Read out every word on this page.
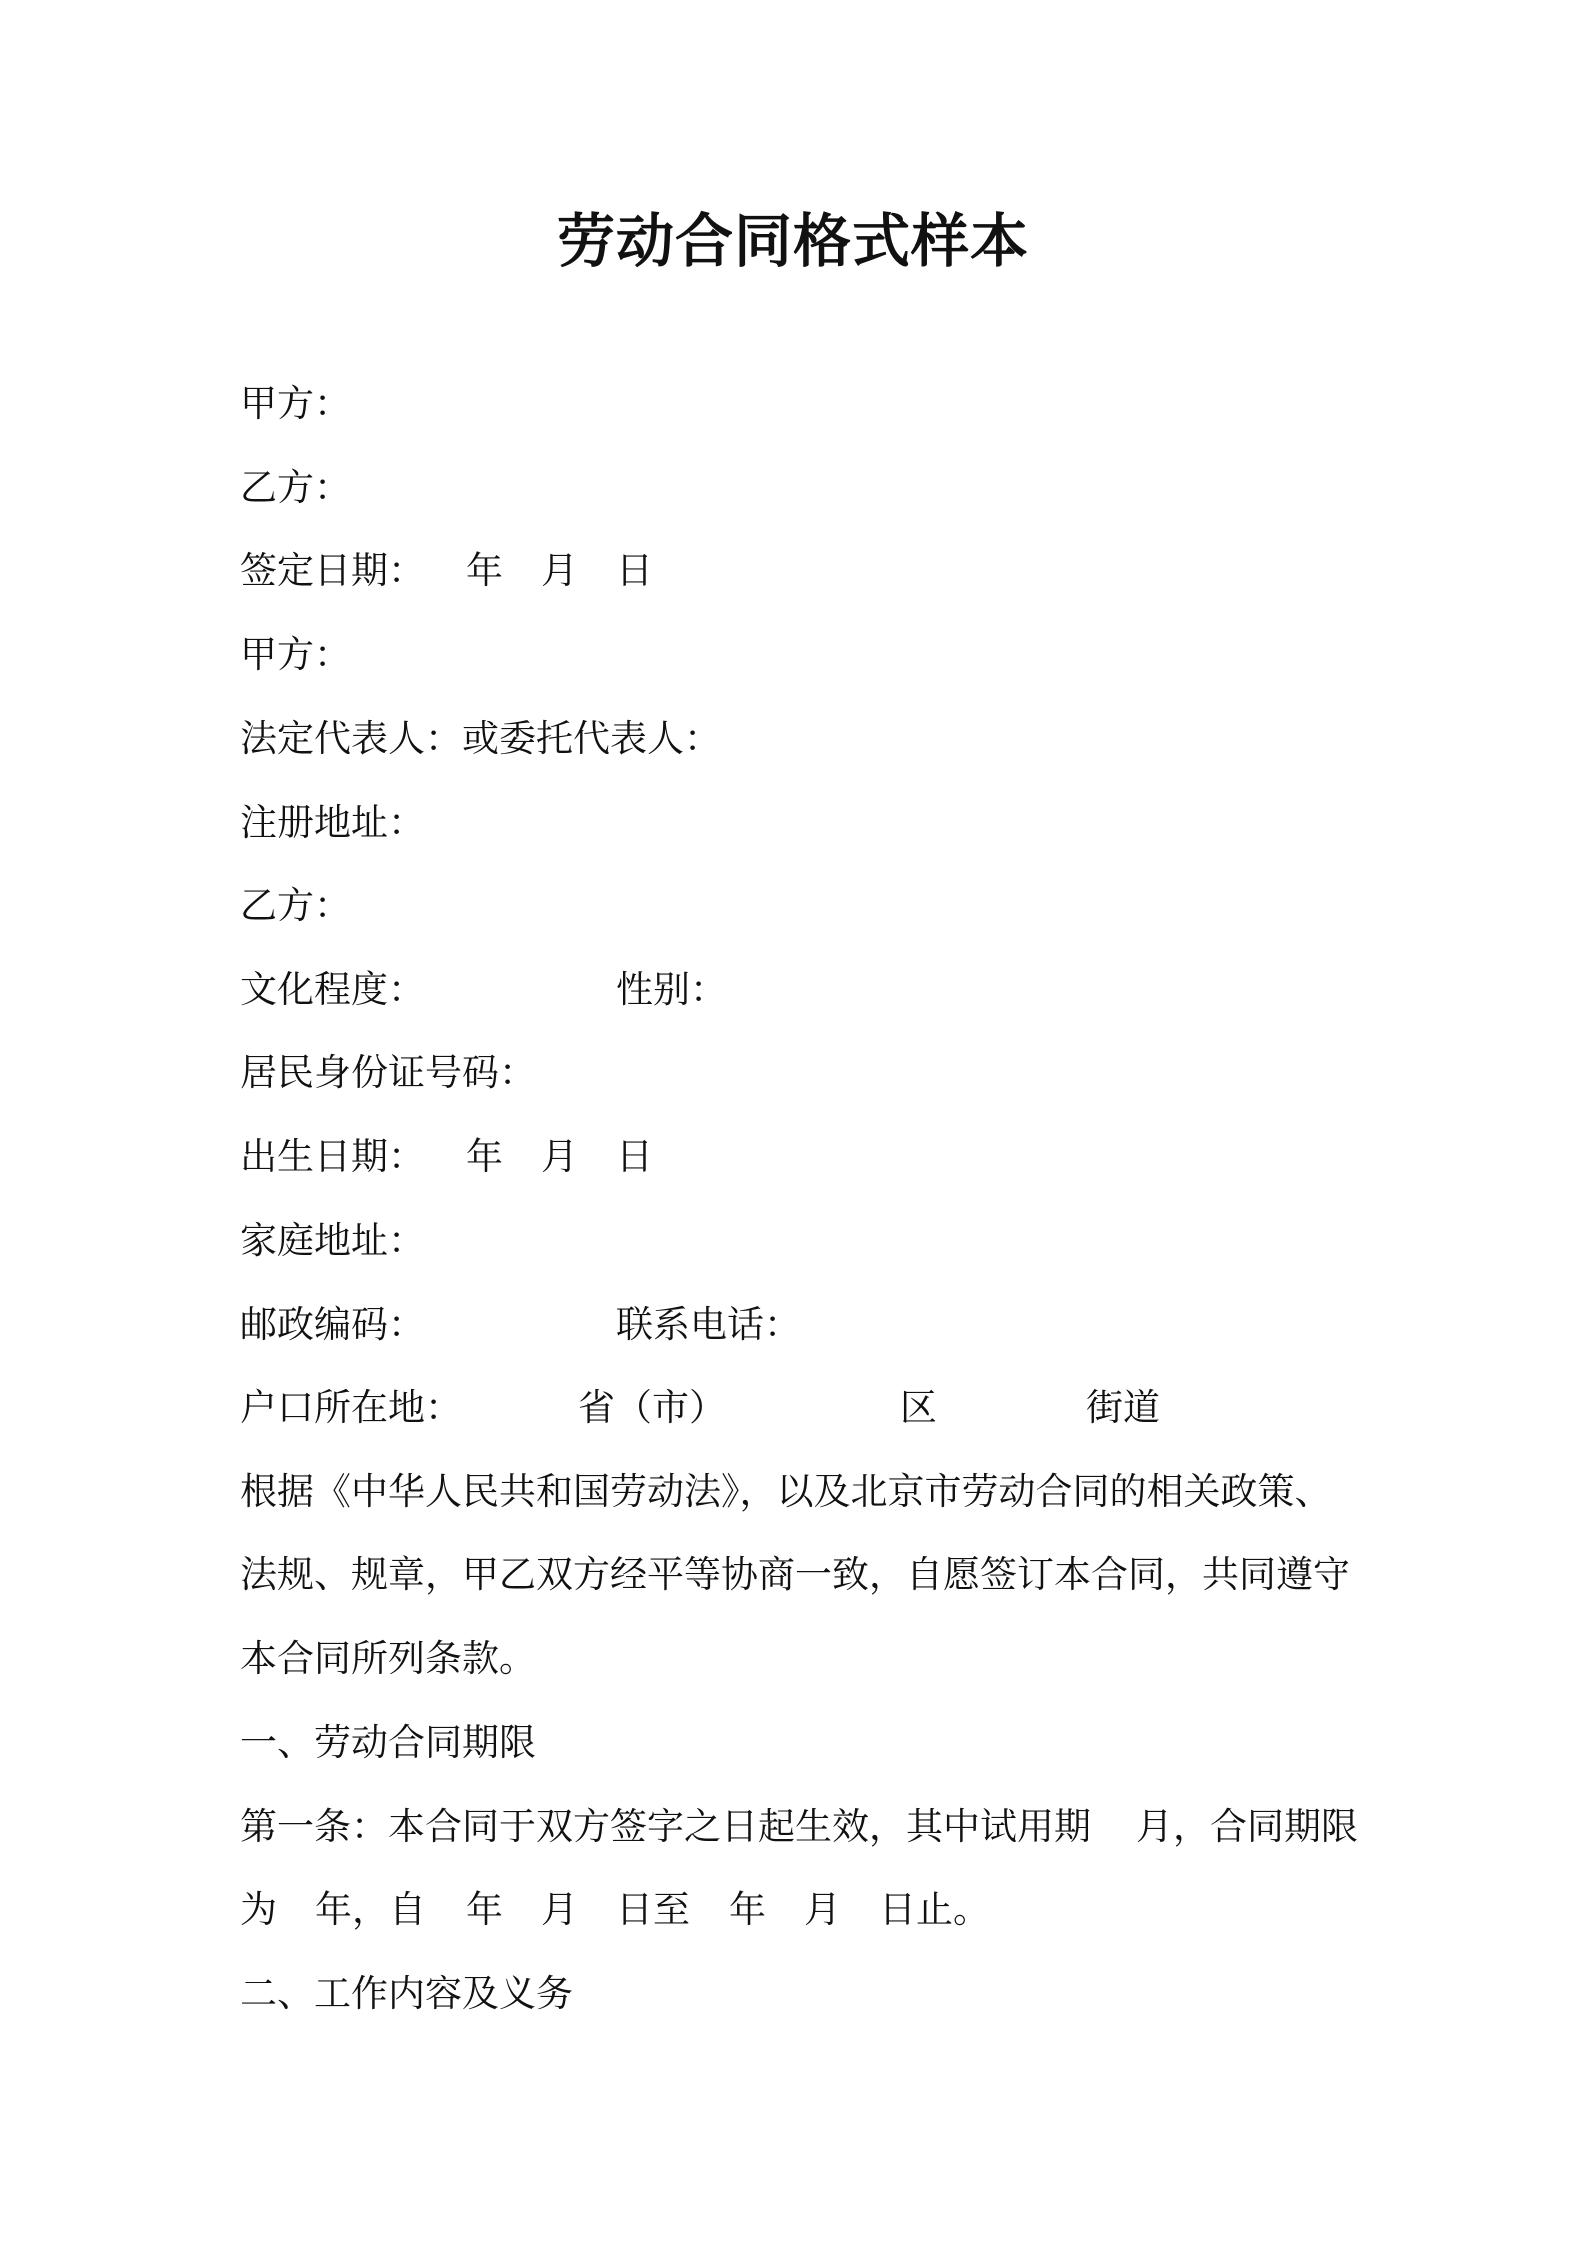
劳动合同格式样本
甲方：
乙方：
签定日期： 年 月 日
甲方：
法定代表人：或委托代表人：
注册地址：
乙方：
文化程度：	性别：
居民身份证号码：
出生日期： 年 月 日
家庭地址：
邮政编码：	联系电话：
户口所在地：	省（市）	区	街道
根据《中华人民共和国劳动法》，以及北京市劳动合同的相关政策、
法规、规章，甲乙双方经平等协商一致，自愿签订本合同，共同遵守
本合同所列条款。
一、劳动合同期限
第一条：本合同于双方签字之日起生效，其中试用期 月，合同期限
为 年，自 年 月 日至 年 月 日止。
二、工作内容及义务
